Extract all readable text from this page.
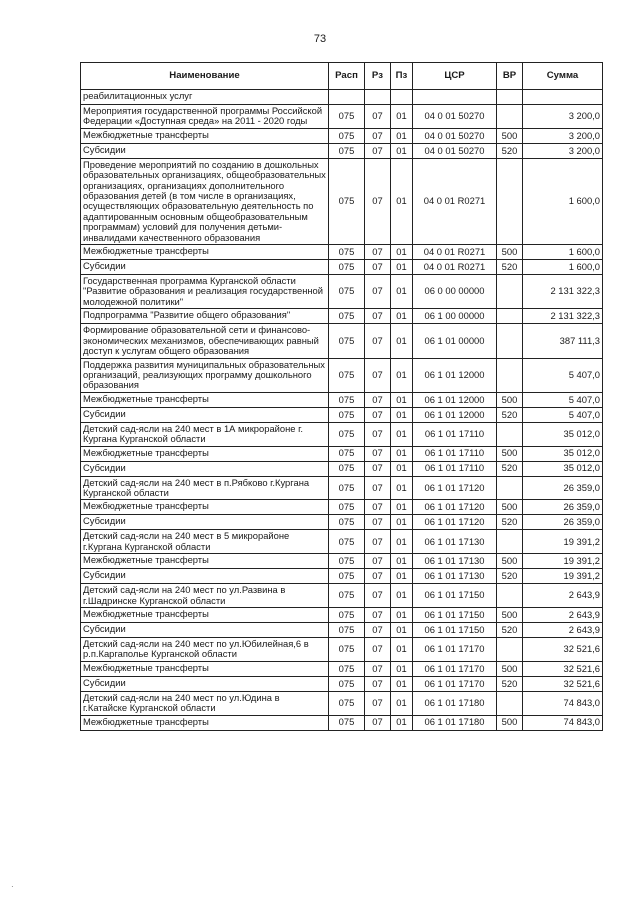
73
Наименование	Расп	Рз	Пз	ЦСР	ВР	Сумма
реабилитационных услуг						
Мероприятия государственной программы Российской Федерации «Доступная среда» на 2011 - 2020 годы	075	07	01	04 0 01 50270		3 200,0
Межбюджетные трансферты	075	07	01	04 0 01 50270	500	3 200,0
Субсидии	075	07	01	04 0 01 50270	520	3 200,0
Проведение мероприятий по созданию в дошкольных образовательных организациях, общеобразовательных организациях, организациях дополнительного образования детей (в том числе в организациях, осуществляющих образовательную деятельность по адаптированным основным общеобразовательным программам) условий для получения детьми-инвалидами качественного образования	075	07	01	04 0 01 R0271		1 600,0
Межбюджетные трансферты	075	07	01	04 0 01 R0271	500	1 600,0
Субсидии	075	07	01	04 0 01 R0271	520	1 600,0
Государственная программа Курганской области "Развитие образования и реализация государственной молодежной политики"	075	07	01	06 0 00 00000		2 131 322,3
Подпрограмма "Развитие общего образования"	075	07	01	06 1 00 00000		2 131 322,3
Формирование образовательной сети и финансово-экономических механизмов, обеспечивающих равный доступ к услугам общего образования	075	07	01	06 1 01 00000		387 111,3
Поддержка развития муниципальных образовательных организаций, реализующих программу дошкольного образования	075	07	01	06 1 01 12000		5 407,0
Межбюджетные трансферты	075	07	01	06 1 01 12000	500	5 407,0
Субсидии	075	07	01	06 1 01 12000	520	5 407,0
Детский сад-ясли на 240 мест в 1А микрорайоне г. Кургана Курганской области	075	07	01	06 1 01 17110		35 012,0
Межбюджетные трансферты	075	07	01	06 1 01 17110	500	35 012,0
Субсидии	075	07	01	06 1 01 17110	520	35 012,0
Детский сад-ясли на 240 мест в п.Рябково г.Кургана Курганской области	075	07	01	06 1 01 17120		26 359,0
Межбюджетные трансферты	075	07	01	06 1 01 17120	500	26 359,0
Субсидии	075	07	01	06 1 01 17120	520	26 359,0
Детский сад-ясли на 240 мест в 5 микрорайоне г.Кургана Курганской области	075	07	01	06 1 01 17130		19 391,2
Межбюджетные трансферты	075	07	01	06 1 01 17130	500	19 391,2
Субсидии	075	07	01	06 1 01 17130	520	19 391,2
Детский сад-ясли на 240 мест по ул.Развина в г.Шадринске Курганской области	075	07	01	06 1 01 17150		2 643,9
Межбюджетные трансферты	075	07	01	06 1 01 17150	500	2 643,9
Субсидии	075	07	01	06 1 01 17150	520	2 643,9
Детский сад-ясли на 240 мест по ул.Юбилейная,6 в р.п.Каргаполье Курганской области	075	07	01	06 1 01 17170		32 521,6
Межбюджетные трансферты	075	07	01	06 1 01 17170	500	32 521,6
Субсидии	075	07	01	06 1 01 17170	520	32 521,6
Детский сад-ясли на 240 мест по ул.Юдина в г.Катайске Курганской области	075	07	01	06 1 01 17180		74 843,0
Межбюджетные трансферты	075	07	01	06 1 01 17180	500	74 843,0
·
